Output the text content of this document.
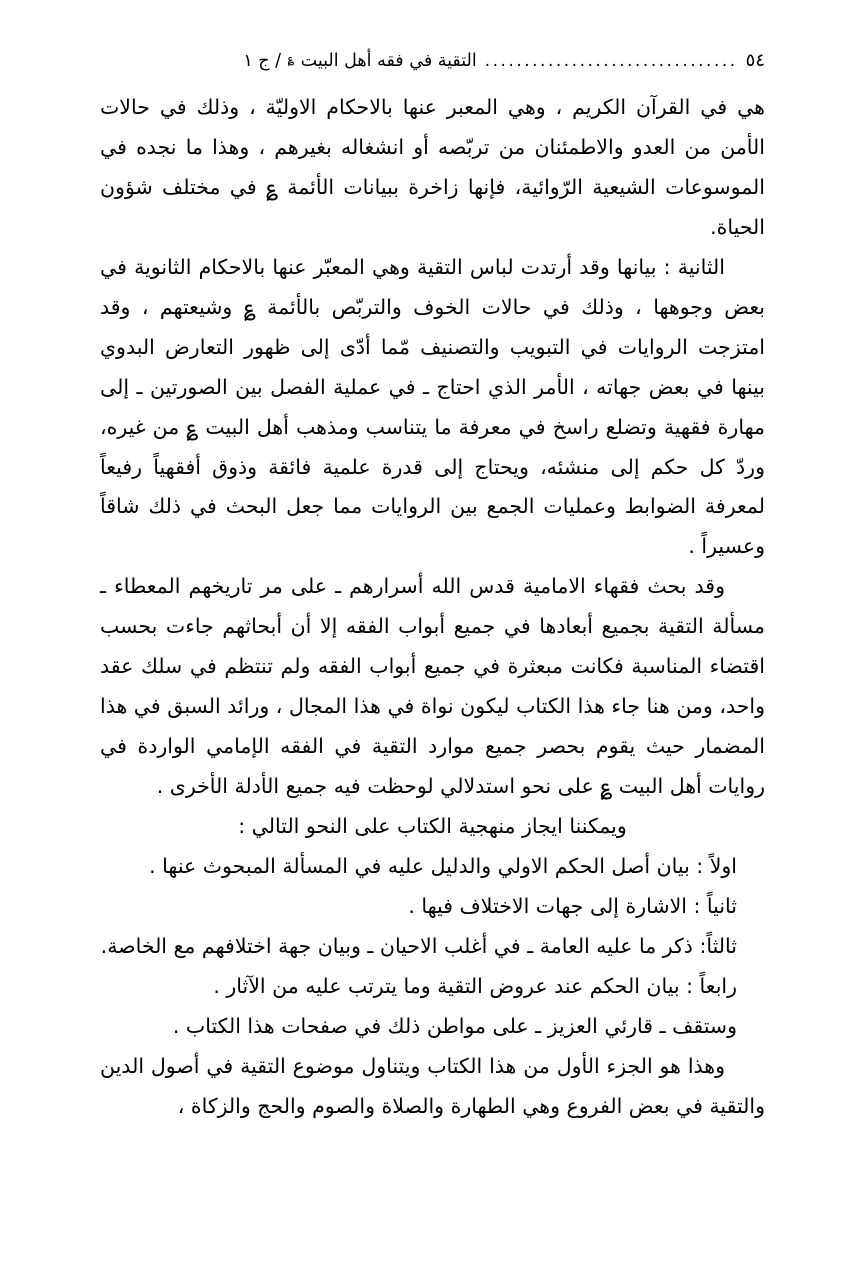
٥٤
................................
التقية في فقه أهل البيت ؏ / ج ١

هي في القرآن الكريم ، وهي المعبر عنها بالاحكام الاوليّة ، وذلك في حالات الأمن من العدو والاطمئنان من تربّصه أو انشغاله بغيرهم ، وهذا ما نجده في الموسوعات الشيعية الرّوائية، فإنها زاخرة ببيانات الأئمة ؏ في مختلف شؤون الحياة.

الثانية : بيانها وقد أرتدت لباس التقية وهي المعبّر عنها بالاحكام الثانوية في بعض وجوهها ، وذلك في حالات الخوف والتربّص بالأئمة ؏ وشيعتهم ، وقد امتزجت الروايات في التبويب والتصنيف مّما أدّى إلى ظهور التعارض البدوي بينها في بعض جهاته ، الأمر الذي احتاج ـ في عملية الفصل بين الصورتين ـ إلى مهارة فقهية وتضلع راسخ في معرفة ما يتناسب ومذهب أهل البيت ؏ من غيره، وردّ كل حكم إلى منشئه، ويحتاج إلى قدرة علمية فائقة وذوق أفقهياً رفيعاً لمعرفة الضوابط وعمليات الجمع بين الروايات مما جعل البحث في ذلك شاقاً وعسيراً .

وقد بحث فقهاء الامامية قدس الله أسرارهم ـ على مر تاريخهم المعطاء ـ مسألة التقية بجميع أبعادها في جميع أبواب الفقه إلا أن أبحاثهم جاءت بحسب اقتضاء المناسبة فكانت مبعثرة في جميع أبواب الفقه ولم تنتظم في سلك عقد واحد، ومن هنا جاء هذا الكتاب ليكون نواة في هذا المجال ، ورائد السبق في هذا المضمار حيث يقوم بحصر جميع موارد التقية في الفقه الإمامي الواردة في روايات أهل البيت ؏ على نحو استدلالي لوحظت فيه جميع الأدلة الأخرى .

ويمكننا ايجاز منهجية الكتاب على النحو التالي :

اولاً : بيان أصل الحكم الاولي والدليل عليه في المسألة المبحوث عنها .

ثانياً : الاشارة إلى جهات الاختلاف فيها .

ثالثاً: ذكر ما عليه العامة ـ في أغلب الاحيان ـ وبيان جهة اختلافهم مع الخاصة.

رابعاً : بيان الحكم عند عروض التقية وما يترتب عليه من الآثار .

وستقف ـ قارئي العزيز ـ على مواطن ذلك في صفحات هذا الكتاب .

وهذا هو الجزء الأول من هذا الكتاب ويتناول موضوع التقية في أصول الدين والتقية في بعض الفروع وهي الطهارة والصلاة والصوم والحج والزكاة ،
